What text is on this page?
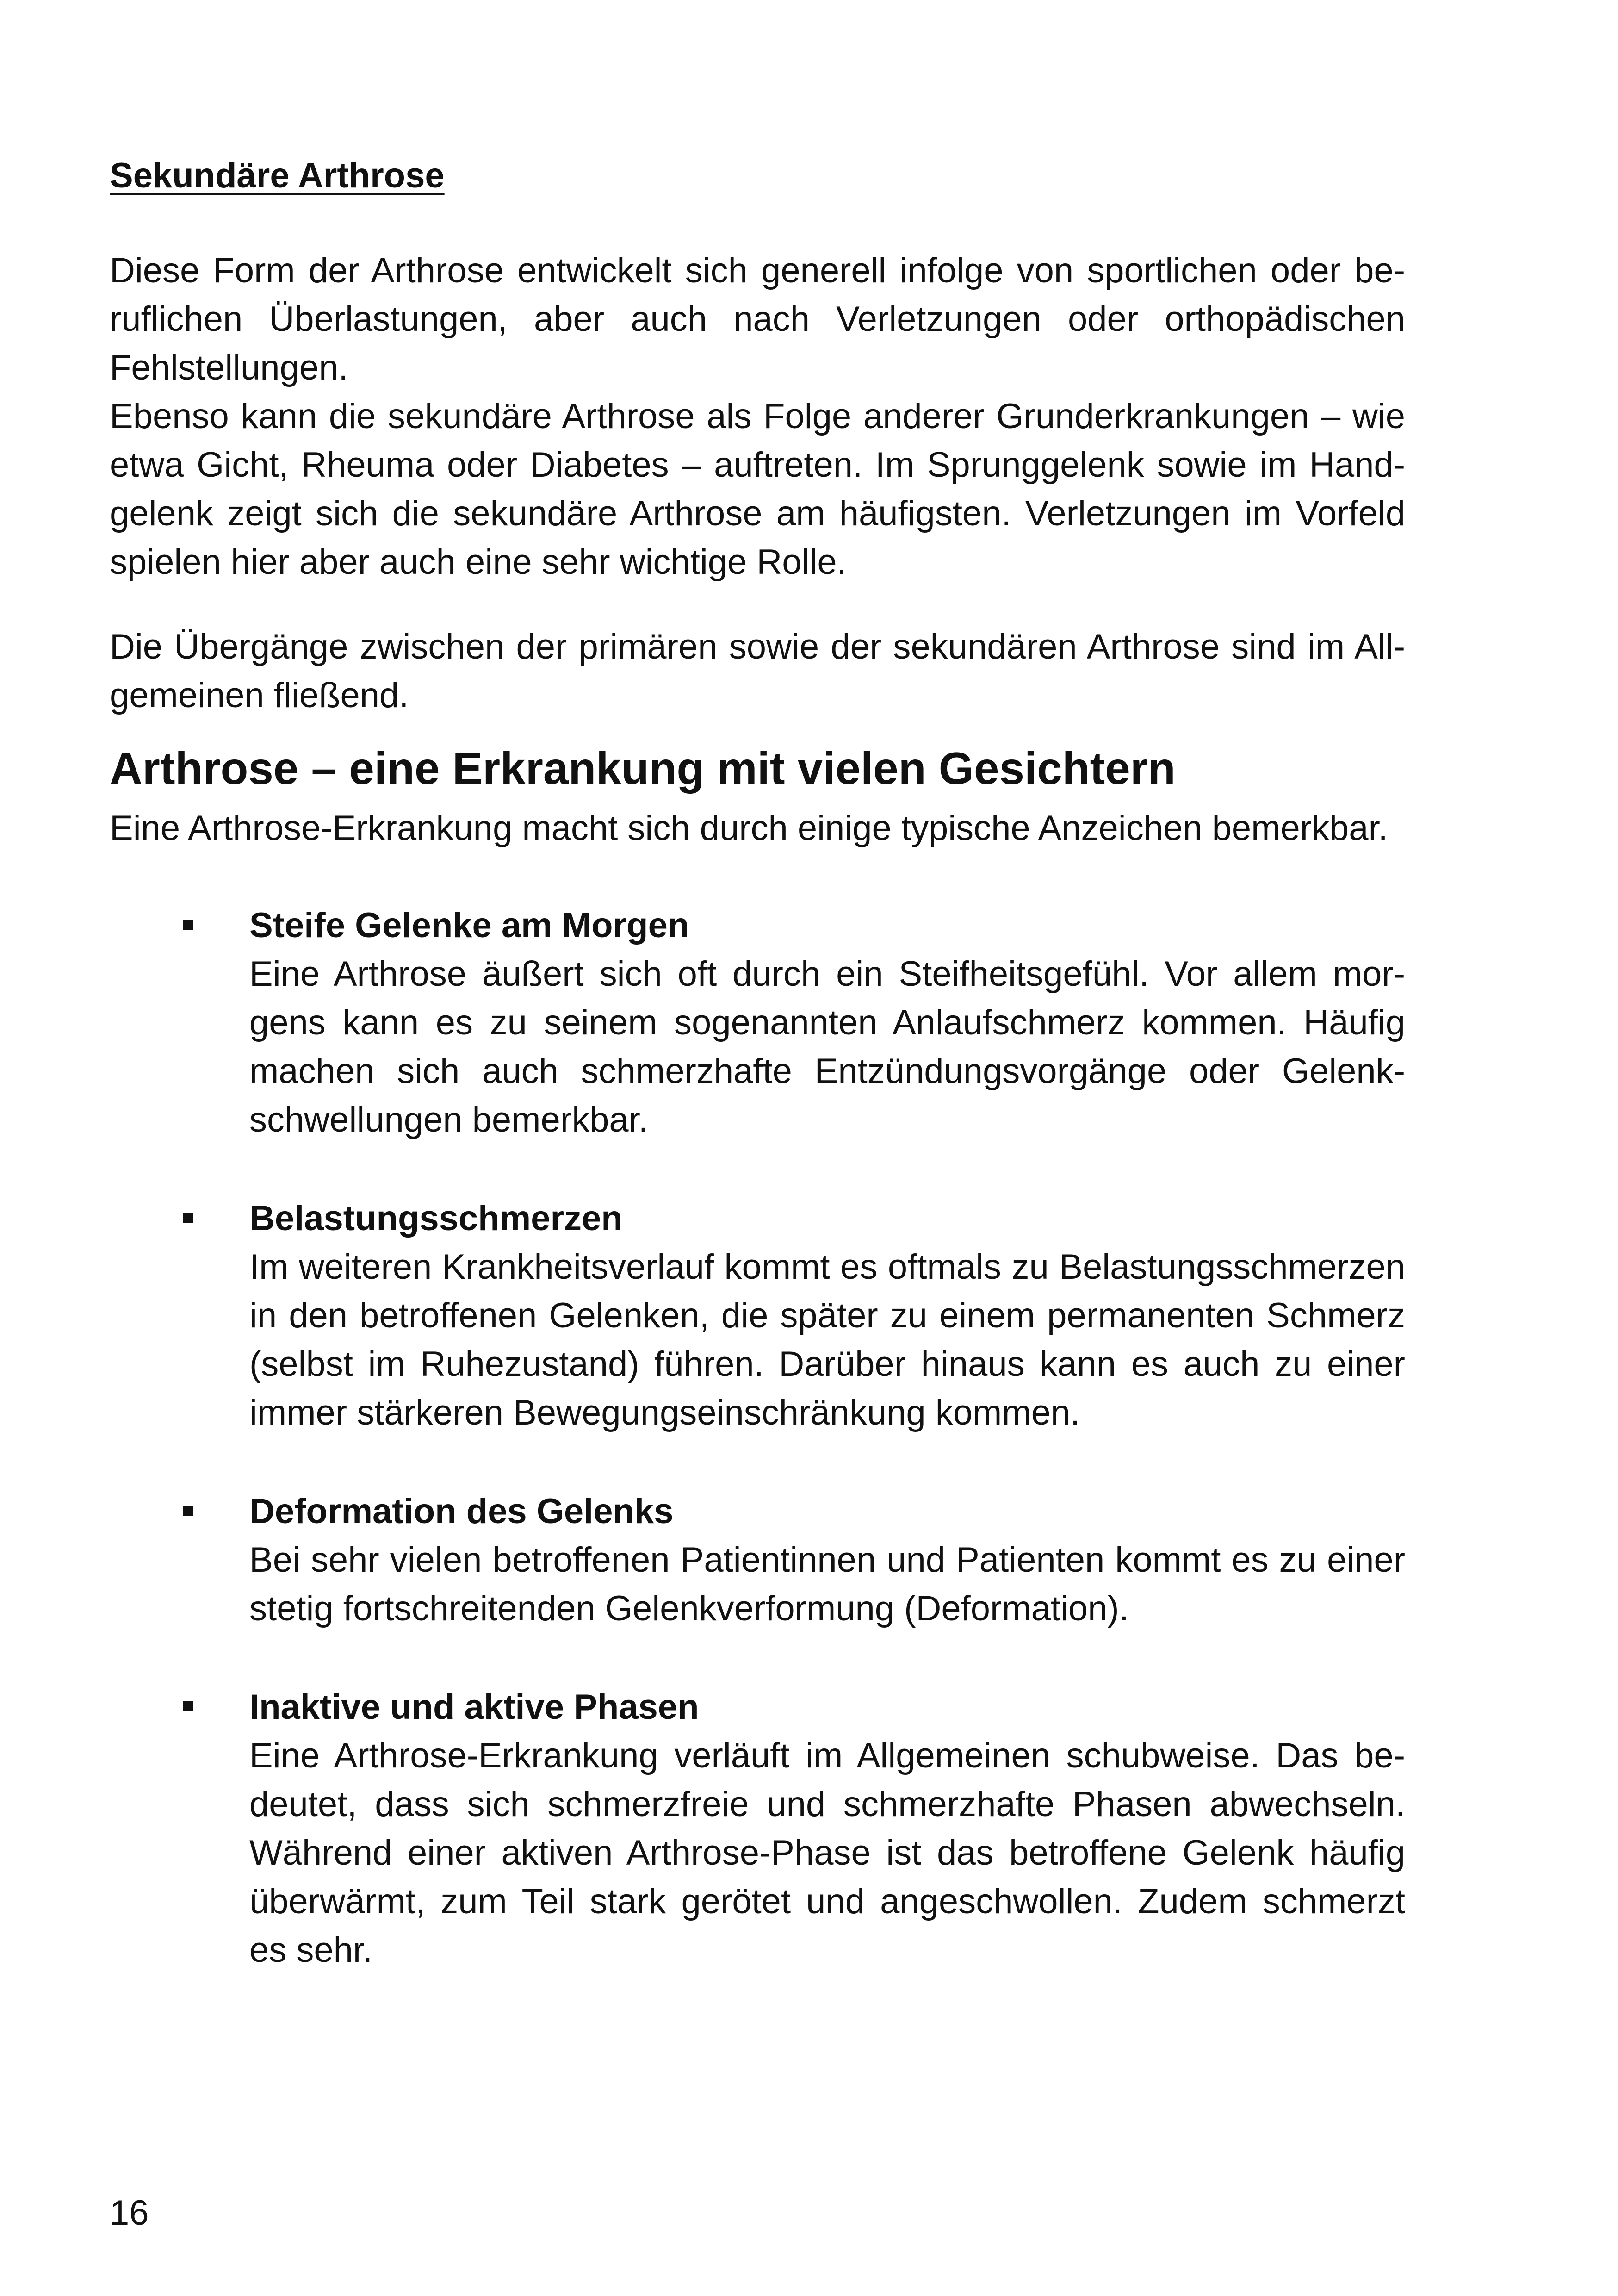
Sekundäre Arthrose

Diese Form der Arthrose entwickelt sich generell infolge von sportlichen oder beruflichen Überlastungen, aber auch nach Verletzungen oder orthopädischen Fehlstellungen.

Ebenso kann die sekundäre Arthrose als Folge anderer Grunderkrankungen – wie etwa Gicht, Rheuma oder Diabetes – auftreten. Im Sprunggelenk sowie im Handgelenk zeigt sich die sekundäre Arthrose am häufigsten. Verletzungen im Vorfeld spielen hier aber auch eine sehr wichtige Rolle.

Die Übergänge zwischen der primären sowie der sekundären Arthrose sind im Allgemeinen fließend.

Arthrose – eine Erkrankung mit vielen Gesichtern

Eine Arthrose-Erkrankung macht sich durch einige typische Anzeichen bemerkbar.

Steife Gelenke am Morgen

Eine Arthrose äußert sich oft durch ein Steifheitsgefühl. Vor allem morgens kann es zu seinem sogenannten Anlaufschmerz kommen. Häufig machen sich auch schmerzhafte Entzündungsvorgänge oder Gelenkschwellungen bemerkbar.

Belastungsschmerzen

Im weiteren Krankheitsverlauf kommt es oftmals zu Belastungsschmerzen in den betroffenen Gelenken, die später zu einem permanenten Schmerz (selbst im Ruhezustand) führen. Darüber hinaus kann es auch zu einer immer stärkeren Bewegungseinschränkung kommen.

Deformation des Gelenks

Bei sehr vielen betroffenen Patientinnen und Patienten kommt es zu einer stetig fortschreitenden Gelenkverformung (Deformation).

Inaktive und aktive Phasen

Eine Arthrose-Erkrankung verläuft im Allgemeinen schubweise. Das bedeutet, dass sich schmerzfreie und schmerzhafte Phasen abwechseln. Während einer aktiven Arthrose-Phase ist das betroffene Gelenk häufig überwärmt, zum Teil stark gerötet und angeschwollen. Zudem schmerzt es sehr.

16
